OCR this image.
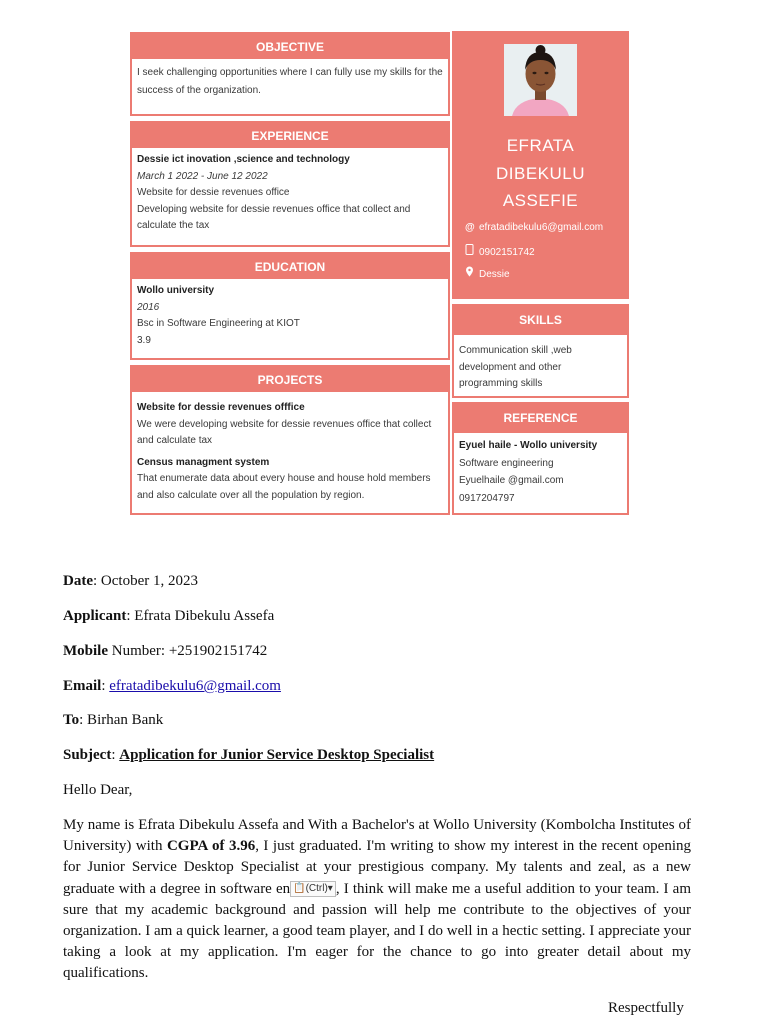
OBJECTIVE
I seek challenging opportunities where I can fully use my skills for the success of the organization.
EXPERIENCE
Dessie ict inovation ,science and technology
March 1 2022 - June 12 2022
Website for dessie revenues office
Developing website for dessie revenues office that collect and calculate the tax
EDUCATION
Wollo university
2016
Bsc in Software Engineering at KIOT
3.9
PROJECTS
Website for dessie revenues offfice
We were developing website for dessie revenues office that collect and calculate tax
Census managment system
That enumerate data about every house and house hold members and also calculate over all the population by region.
EFRATA
DIBEKULU
ASSEFIE
@ efratadibekulu6@gmail.com
0902151742
Dessie
SKILLS
Communication skill ,web development and other programming skills
REFERENCE
Eyuel haile - Wollo university
Software engineering
Eyuelhaile @gmail.com
0917204797
Date: October 1, 2023
Applicant: Efrata Dibekulu Assefa
Mobile Number: +251902151742
Email: efratadibekulu6@gmail.com
To: Birhan Bank
Subject: Application for Junior Service Desktop Specialist
Hello Dear,

My name is Efrata Dibekulu Assefa and With a Bachelor's at Wollo University (Kombolcha Institutes of University) with CGPA of 3.96, I just graduated. I'm writing to show my interest in the recent opening for Junior Service Desktop Specialist at your prestigious company. My talents and zeal, as a new graduate with a degree in software en 📋(Ctrl)▾ , I think will make me a useful addition to your team. I am sure that my academic background and passion will help me contribute to the objectives of your organization. I am a quick learner, a good team player, and I do well in a hectic setting. I appreciate your taking a look at my application. I'm eager for the chance to go into greater detail about my qualifications.

Respectfully
